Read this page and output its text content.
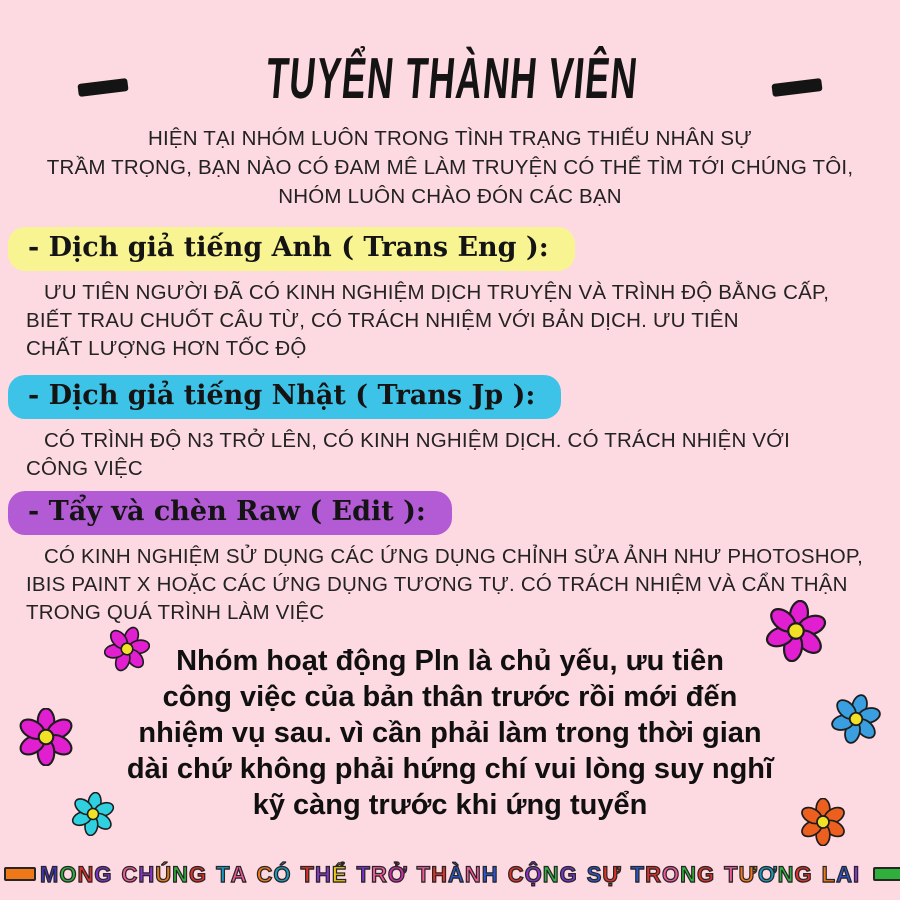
TUYỂN THÀNH VIÊN
HIỆN TẠI NHÓM LUÔN TRONG TÌNH TRẠNG THIẾU NHÂN SỰ
TRẦM TRỌNG, BẠN NÀO CÓ ĐAM MÊ LÀM TRUYỆN CÓ THỂ TÌM TỚI CHÚNG TÔI,
NHÓM LUÔN CHÀO ĐÓN CÁC BẠN
- Dịch giả tiếng Anh ( Trans Eng ):
ƯU TIÊN NGƯỜI ĐÃ CÓ KINH NGHIỆM DỊCH TRUYỆN VÀ TRÌNH ĐỘ BẰNG CẤP,
BIẾT TRAU CHUỐT CÂU TỪ, CÓ TRÁCH NHIỆM VỚI BẢN DỊCH. ƯU TIÊN
CHẤT LƯỢNG HƠN TỐC ĐỘ
- Dịch giả tiếng Nhật ( Trans Jp ):
CÓ TRÌNH ĐỘ N3 TRỞ LÊN, CÓ KINH NGHIỆM DỊCH. CÓ TRÁCH NHIỆN VỚI
CÔNG VIỆC
- Tẩy và chèn Raw ( Edit ):
CÓ KINH NGHIỆM SỬ DỤNG CÁC ỨNG DỤNG CHỈNH SỬA ẢNH NHƯ PHOTOSHOP,
IBIS PAINT X HOẶC CÁC ỨNG DỤNG TƯƠNG TỰ. CÓ TRÁCH NHIỆM VÀ CẨN THẬN
TRONG QUÁ TRÌNH LÀM VIỆC
Nhóm hoạt động Pln là chủ yếu, ưu tiên
công việc của bản thân trước rồi mới đến
nhiệm vụ sau. vì cần phải làm trong thời gian
dài chứ không phải hứng chí vui lòng suy nghĩ
kỹ càng trước khi ứng tuyển
MONG CHÚNG TA CÓ THỂ TRỞ THÀNH CỘNG SỰ TRONG TƯƠNG LAI
